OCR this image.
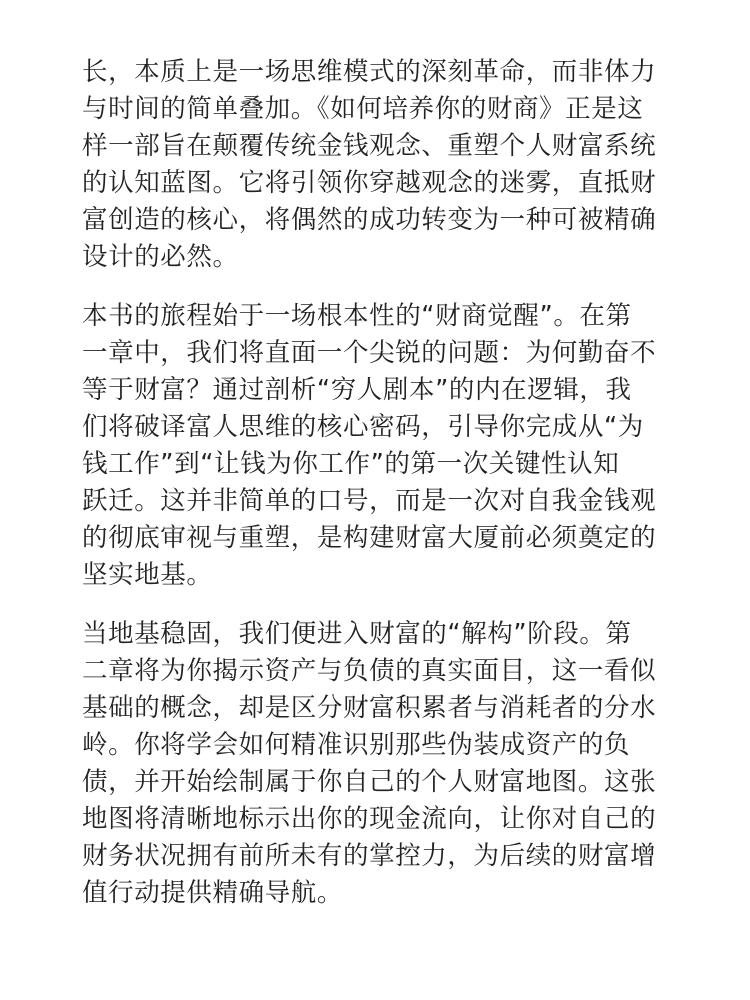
长，本质上是一场思维模式的深刻革命，而非体力
与时间的简单叠加。《如何培养你的财商》正是这
样一部旨在颠覆传统金钱观念、重塑个人财富系统
的认知蓝图。它将引领你穿越观念的迷雾，直抵财
富创造的核心，将偶然的成功转变为一种可被精确
设计的必然。
本书的旅程始于一场根本性的“财商觉醒”。在第
一章中，我们将直面一个尖锐的问题：为何勤奋不
等于财富？通过剖析“穷人剧本”的内在逻辑，我
们将破译富人思维的核心密码，引导你完成从“为
钱工作”到“让钱为你工作”的第一次关键性认知
跃迁。这并非简单的口号，而是一次对自我金钱观
的彻底审视与重塑，是构建财富大厦前必须奠定的
坚实地基。
当地基稳固，我们便进入财富的“解构”阶段。第
二章将为你揭示资产与负债的真实面目，这一看似
基础的概念，却是区分财富积累者与消耗者的分水
岭。你将学会如何精准识别那些伪装成资产的负
债，并开始绘制属于你自己的个人财富地图。这张
地图将清晰地标示出你的现金流向，让你对自己的
财务状况拥有前所未有的掌控力，为后续的财富增
值行动提供精确导航。
